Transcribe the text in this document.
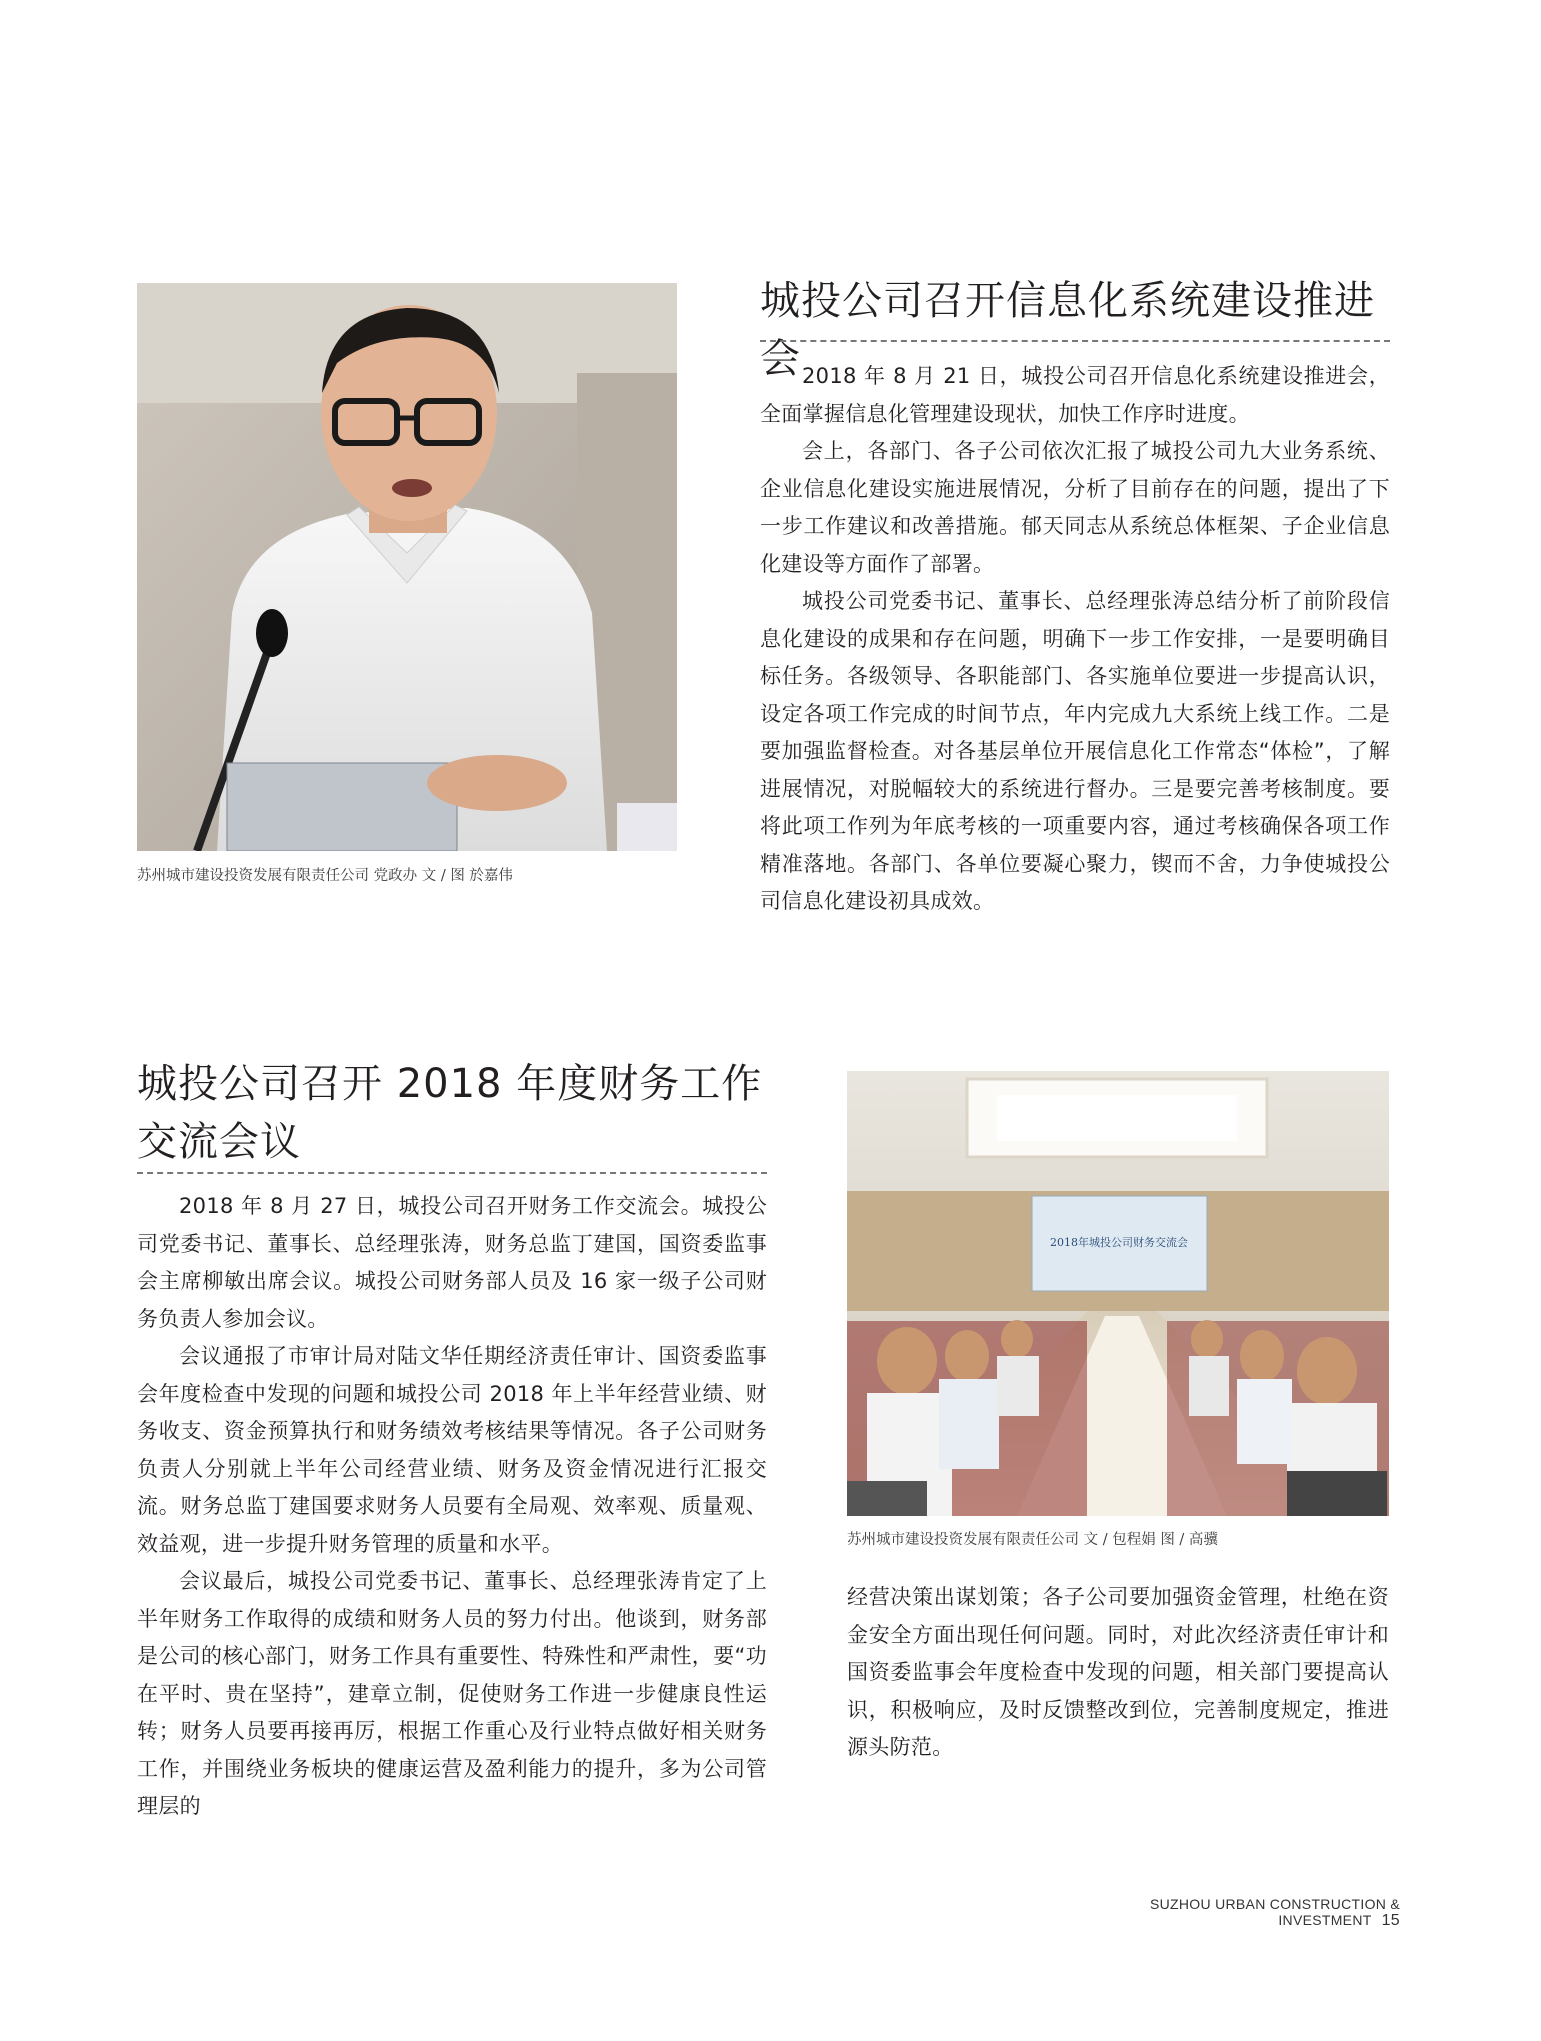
苏州城市建设投资发展有限责任公司 党政办 文 / 图 於嘉伟
城投公司召开信息化系统建设推进会 2018 年 8 月 21 日，城投公司召开信息化系统建设推进会，全面掌握信息化管理建设现状，加快工作序时进度。

会上，各部门、各子公司依次汇报了城投公司九大业务系统、企业信息化建设实施进展情况，分析了目前存在的问题，提出了下一步工作建议和改善措施。郁天同志从系统总体框架、子企业信息化建设等方面作了部署。

城投公司党委书记、董事长、总经理张涛总结分析了前阶段信息化建设的成果和存在问题，明确下一步工作安排，一是要明确目标任务。各级领导、各职能部门、各实施单位要进一步提高认识，设定各项工作完成的时间节点，年内完成九大系统上线工作。二是要加强监督检查。对各基层单位开展信息化工作常态“体检”，了解进展情况，对脱幅较大的系统进行督办。三是要完善考核制度。要将此项工作列为年底考核的一项重要内容，通过考核确保各项工作精准落地。各部门、各单位要凝心聚力，锲而不舍，力争使城投公司信息化建设初具成效。

城投公司召开 2018 年度财务工作交流会议

2018 年 8 月 27 日，城投公司召开财务工作交流会。城投公司党委书记、董事长、总经理张涛，财务总监丁建国，国资委监事会主席柳敏出席会议。城投公司财务部人员及 16 家一级子公司财务负责人参加会议。

会议通报了市审计局对陆文华任期经济责任审计、国资委监事会年度检查中发现的问题和城投公司 2018 年上半年经营业绩、财务收支、资金预算执行和财务绩效考核结果等情况。各子公司财务负责人分别就上半年公司经营业绩、财务及资金情况进行汇报交流。财务总监丁建国要求财务人员要有全局观、效率观、质量观、效益观，进一步提升财务管理的质量和水平。

会议最后，城投公司党委书记、董事长、总经理张涛肯定了上半年财务工作取得的成绩和财务人员的努力付出。他谈到，财务部是公司的核心部门，财务工作具有重要性、特殊性和严肃性，要“功在平时、贵在坚持”，建章立制，促使财务工作进一步健康良性运转；财务人员要再接再厉，根据工作重心及行业特点做好相关财务工作，并围绕业务板块的健康运营及盈利能力的提升，多为公司管理层的

2018年城投公司财务交流会
苏州城市建设投资发展有限责任公司 文 / 包程娟 图 / 高骥

经营决策出谋划策；各子公司要加强资金管理，杜绝在资金安全方面出现任何问题。同时，对此次经济责任审计和国资委监事会年度检查中发现的问题，相关部门要提高认识，积极响应，及时反馈整改到位，完善制度规定，推进源头防范。

SUZHOU URBAN CONSTRUCTION & INVESTMENT 15
